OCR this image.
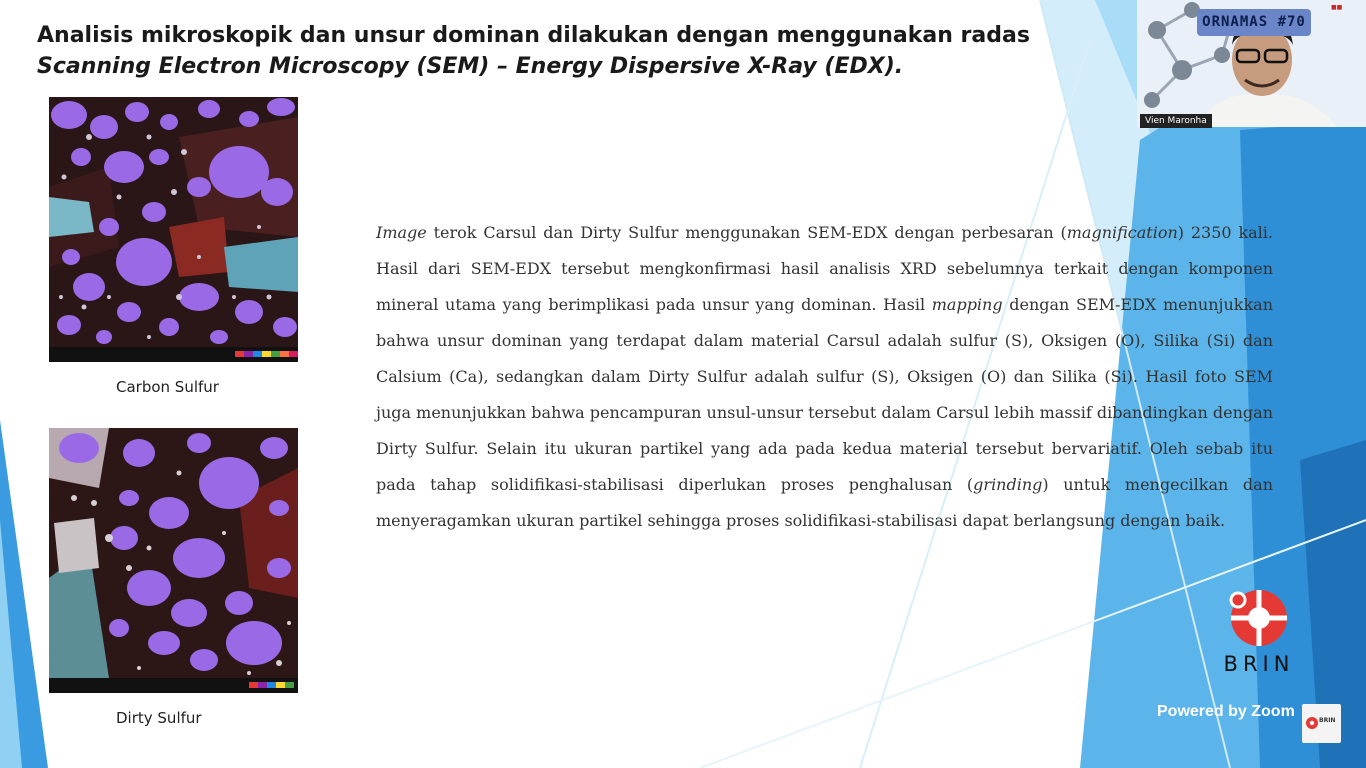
Analisis mikroskopik dan unsur dominan dilakukan dengan menggunakan radas
Scanning Electron Microscopy (SEM) – Energy Dispersive X-Ray (EDX).
Carbon Sulfur
Dirty Sulfur
Image terok Carsul dan Dirty Sulfur menggunakan SEM-EDX dengan perbesaran (magnification) 2350 kali. Hasil dari SEM-EDX tersebut mengkonfirmasi hasil analisis XRD sebelumnya terkait dengan komponen mineral utama yang berimplikasi pada unsur yang dominan. Hasil mapping dengan SEM-EDX menunjukkan bahwa unsur dominan yang terdapat dalam material Carsul adalah sulfur (S), Oksigen (O), Silika (Si) dan Calsium (Ca), sedangkan dalam Dirty Sulfur adalah sulfur (S), Oksigen (O) dan Silika (Si). Hasil foto SEM juga menunjukkan bahwa pencampuran unsul-unsur tersebut dalam Carsul lebih massif dibandingkan dengan Dirty Sulfur. Selain itu ukuran partikel yang ada pada kedua material tersebut bervariatif. Oleh sebab itu pada tahap solidifikasi-stabilisasi diperlukan proses penghalusan (grinding) untuk mengecilkan dan menyeragamkan ukuran partikel sehingga proses solidifikasi-stabilisasi dapat berlangsung dengan baik.
ORNAMAS #70
Vien Maronha
■■
BRIN
Powered by Zoom
BRIN
